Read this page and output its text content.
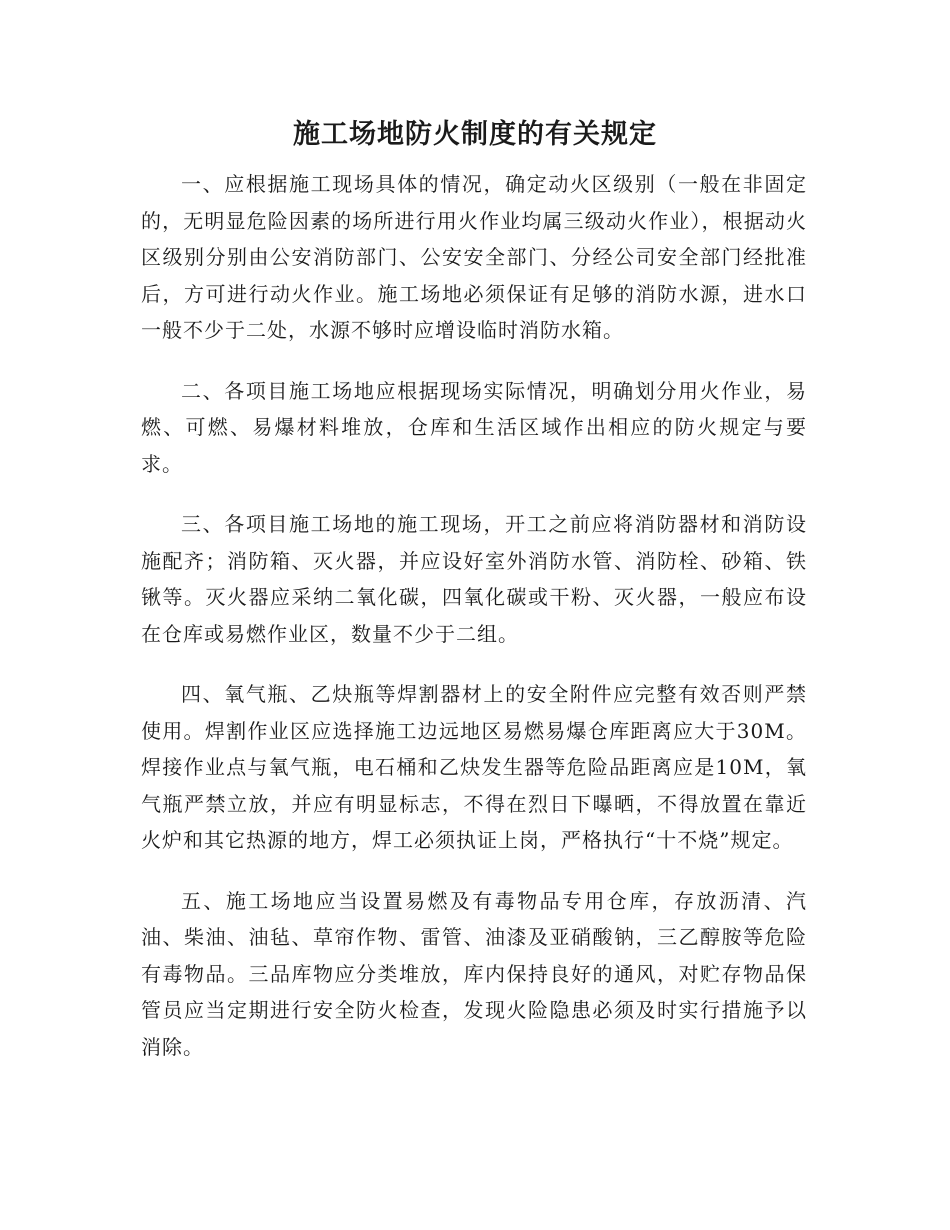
施工场地防火制度的有关规定

一、应根据施工现场具体的情况，确定动火区级别（一般在非固定的，无明显危险因素的场所进行用火作业均属三级动火作业），根据动火区级别分别由公安消防部门、公安安全部门、分经公司安全部门经批准后，方可进行动火作业。施工场地必须保证有足够的消防水源，进水口一般不少于二处，水源不够时应增设临时消防水箱。

二、各项目施工场地应根据现场实际情况，明确划分用火作业，易燃、可燃、易爆材料堆放，仓库和生活区域作出相应的防火规定与要求。

三、各项目施工场地的施工现场，开工之前应将消防器材和消防设施配齐；消防箱、灭火器，并应设好室外消防水管、消防栓、砂箱、铁锹等。灭火器应采纳二氧化碳，四氧化碳或干粉、灭火器，一般应布设在仓库或易燃作业区，数量不少于二组。

四、氧气瓶、乙炔瓶等焊割器材上的安全附件应完整有效否则严禁使用。焊割作业区应选择施工边远地区易燃易爆仓库距离应大于30M。焊接作业点与氧气瓶，电石桶和乙炔发生器等危险品距离应是10M，氧气瓶严禁立放，并应有明显标志，不得在烈日下曝晒，不得放置在靠近火炉和其它热源的地方，焊工必须执证上岗，严格执行“十不烧”规定。

五、施工场地应当设置易燃及有毒物品专用仓库，存放沥清、汽油、柴油、油毡、草帘作物、雷管、油漆及亚硝酸钠，三乙醇胺等危险有毒物品。三品库物应分类堆放，库内保持良好的通风，对贮存物品保管员应当定期进行安全防火检查，发现火险隐患必须及时实行措施予以消除。
